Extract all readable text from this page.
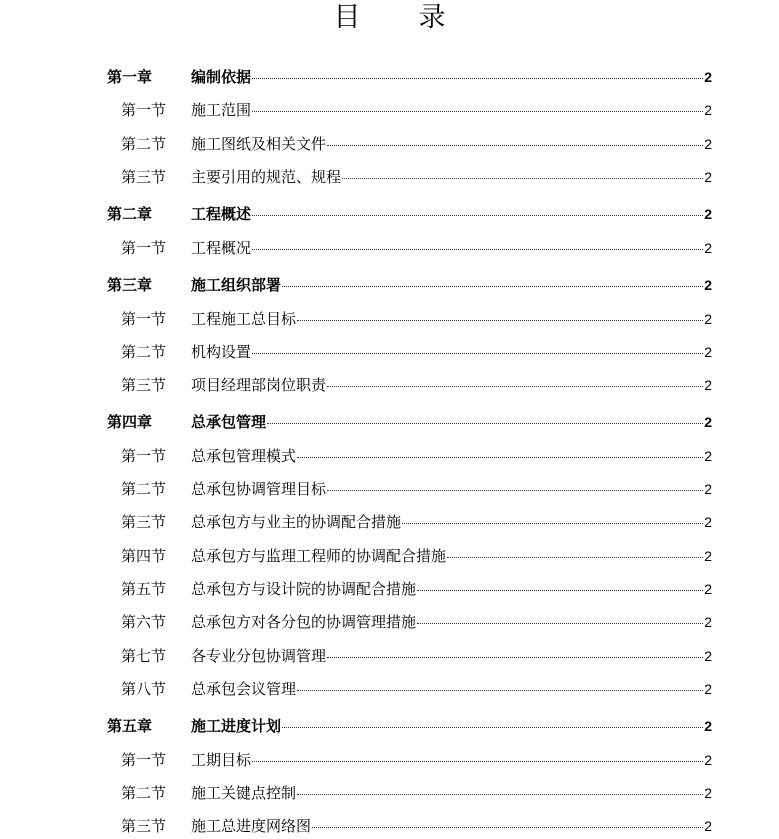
目 录
第一章	编制依据	2
第一节 施工范围	2
第二节 施工图纸及相关文件	2
第三节 主要引用的规范、规程	2
第二章	工程概述	2
第一节 工程概况	2
第三章	施工组织部署	2
第一节 工程施工总目标	2
第二节 机构设置	2
第三节 项目经理部岗位职责	2
第四章	总承包管理	2
第一节 总承包管理模式	2
第二节 总承包协调管理目标	2
第三节 总承包方与业主的协调配合措施	2
第四节 总承包方与监理工程师的协调配合措施	2
第五节 总承包方与设计院的协调配合措施	2
第六节 总承包方对各分包的协调管理措施	2
第七节 各专业分包协调管理	2
第八节 总承包会议管理	2
第五章	施工进度计划	2
第一节 工期目标	2
第二节 施工关键点控制	2
第三节 施工总进度网络图	2
